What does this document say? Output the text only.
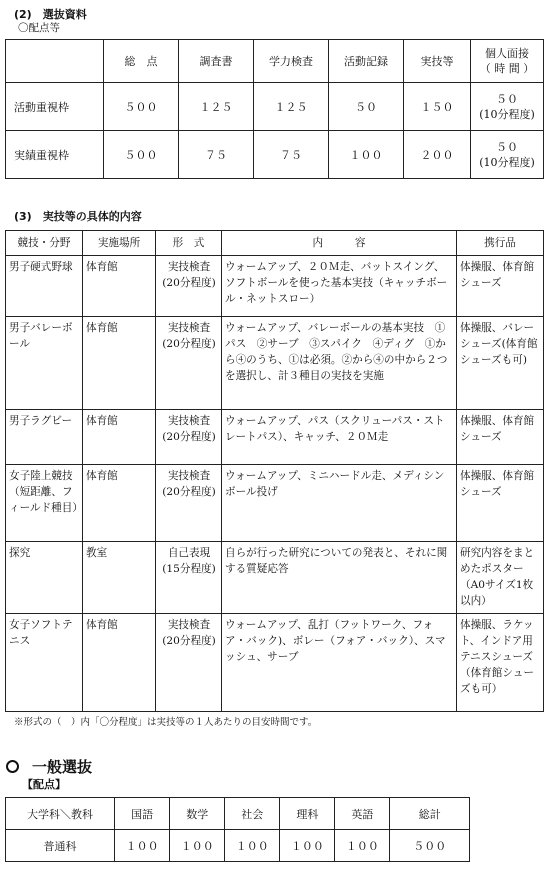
(2)　選抜資料
〇配点等
	総　点	調査書	学力検査	活動記録	実技等	個人面接
（ 時 間 ）

活動重視枠	５００	１２５	１２５	５０	１５０	５０
(10分程度)

実績重視枠	５００	７５	７５	１００	２００	５０
(10分程度)
(3)　実技等の具体的内容
競技・分野	実施場所	形　式	内　　　容	携行品
男子硬式野球	体育館	実技検査
(20分程度)	ウォームアップ、２０Ｍ走、バットスイング、ソフトボールを使った基本実技（キャッチボール・ネットスロー）	体操服、体育館シューズ
男子バレーボール	体育館	実技検査
(20分程度)	ウォームアップ、バレーボールの基本実技　①パス　②サーブ　③スパイク　④ディグ　①から④のうち、①は必須。②から④の中から２つを選択し、計３種目の実技を実施	体操服、バレーシューズ(体育館シューズも可)
男子ラグビー	体育館	実技検査
(20分程度)	ウォームアップ、パス（スクリューパス・ストレートパス）、キャッチ、２０Ｍ走	体操服、体育館シューズ
女子陸上競技（短距離、フィールド種目）	体育館	実技検査
(20分程度)	ウォームアップ、ミニハードル走、メディシンボール投げ	体操服、体育館シューズ
探究	教室	自己表現
(15分程度)	自らが行った研究についての発表と、それに関する質疑応答	研究内容をまとめたポスター（A0サイズ1枚以内）
女子ソフトテニス	体育館	実技検査
(20分程度)	ウォームアップ、乱打（フットワーク、フォア・バック)、ボレー（フォア・バック）、スマッシュ、サーブ	体操服、ラケット、インドア用テニスシューズ（体育館シューズも可）
※形式の（　）内「〇分程度」は実技等の１人あたりの目安時間です。
一般選抜
【配点】
大学科＼教科	国語	数学	社会	理科	英語	総計
普通科	１００	１００	１００	１００	１００	５００
